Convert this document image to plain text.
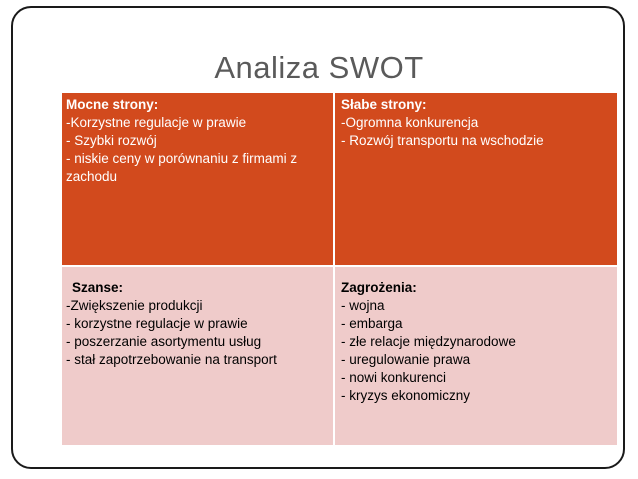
Analiza SWOT
Mocne strony:
-Korzystne regulacje w prawie
- Szybki rozwój
- niskie ceny w porównaniu z firmami z zachodu
Słabe strony:
-Ogromna konkurencja
- Rozwój transportu na wschodzie
Szanse:
-Zwiększenie produkcji
- korzystne regulacje w prawie
- poszerzanie asortymentu usług
- stał zapotrzebowanie na transport
Zagrożenia:
- wojna
- embarga
- złe relacje międzynarodowe
- uregulowanie prawa
- nowi konkurenci
- kryzys ekonomiczny
